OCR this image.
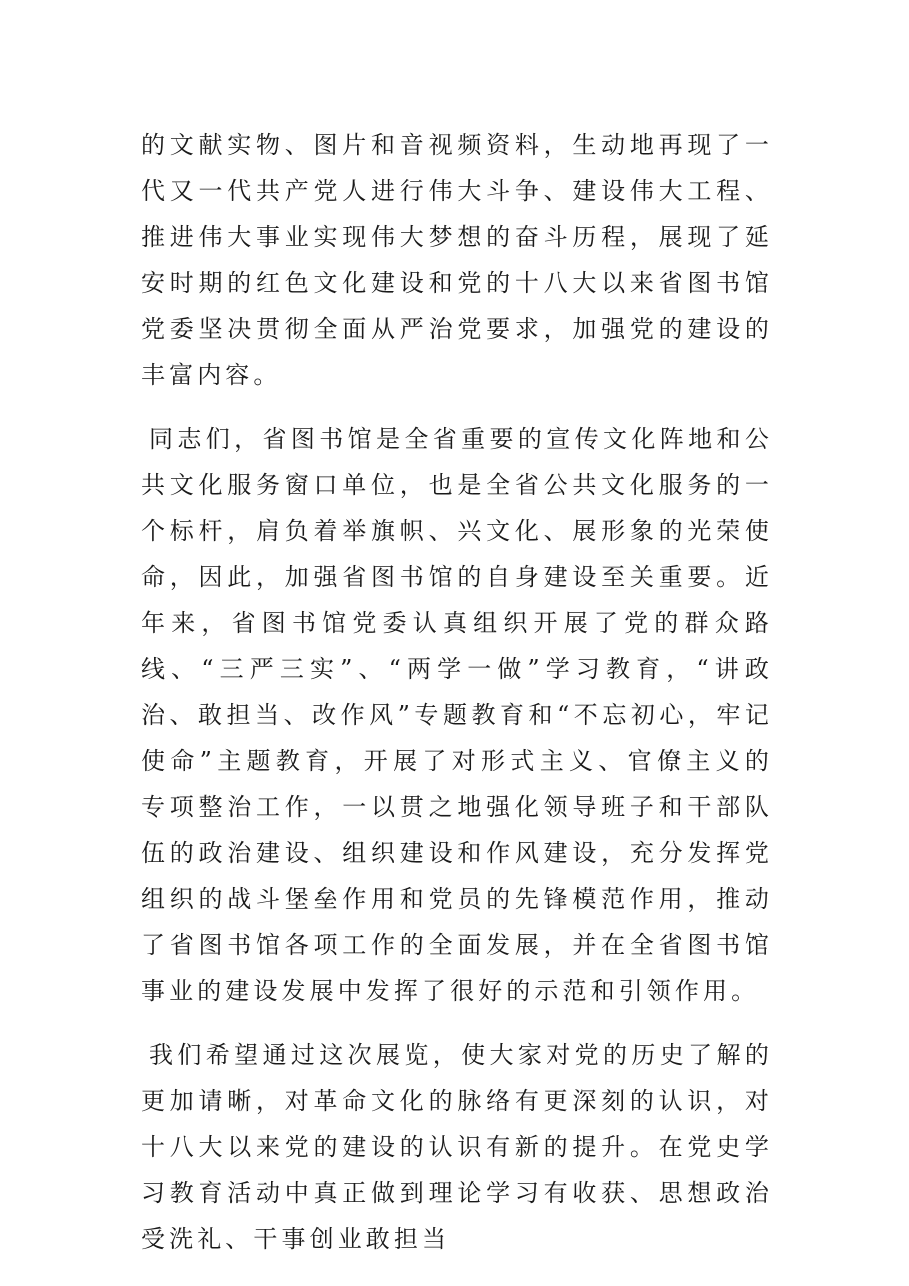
的文献实物、图片和音视频资料，生动地再现了一代又一代共产党人进行伟大斗争、建设伟大工程、推进伟大事业实现伟大梦想的奋斗历程，展现了延安时期的红色文化建设和党的十八大以来省图书馆党委坚决贯彻全面从严治党要求，加强党的建设的丰富内容。

同志们，省图书馆是全省重要的宣传文化阵地和公共文化服务窗口单位，也是全省公共文化服务的一个标杆，肩负着举旗帜、兴文化、展形象的光荣使命，因此，加强省图书馆的自身建设至关重要。近年来，省图书馆党委认真组织开展了党的群众路线、“三严三实”、“两学一做”学习教育，“讲政治、敢担当、改作风”专题教育和“不忘初心，牢记使命”主题教育，开展了对形式主义、官僚主义的专项整治工作，一以贯之地强化领导班子和干部队伍的政治建设、组织建设和作风建设，充分发挥党组织的战斗堡垒作用和党员的先锋模范作用，推动了省图书馆各项工作的全面发展，并在全省图书馆事业的建设发展中发挥了很好的示范和引领作用。

我们希望通过这次展览，使大家对党的历史了解的更加请晰，对革命文化的脉络有更深刻的认识，对十八大以来党的建设的认识有新的提升。在党史学习教育活动中真正做到理论学习有收获、思想政治受洗礼、干事创业敢担当
